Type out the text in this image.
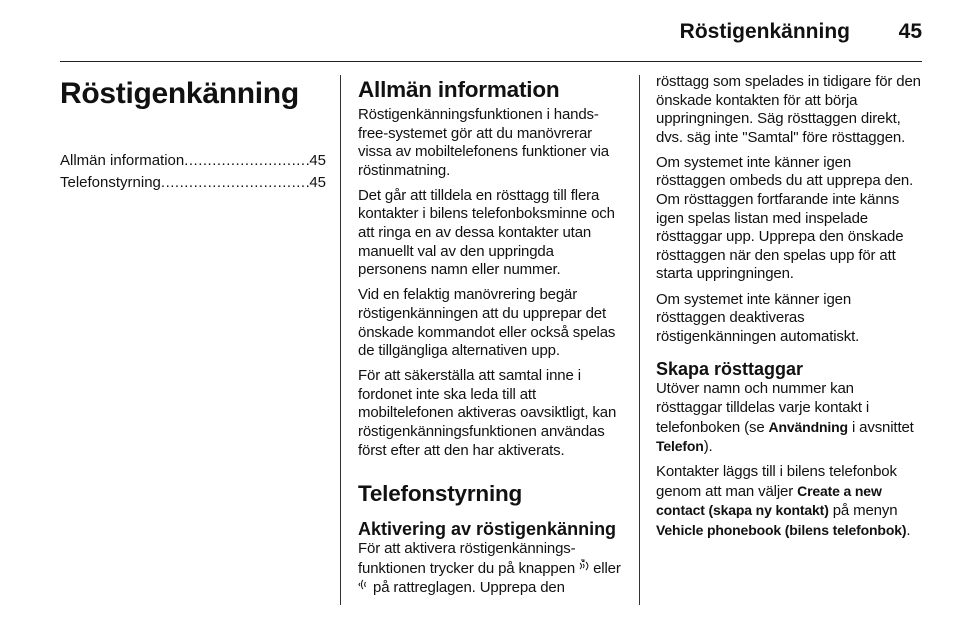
Röstigenkänning 45
Röstigenkänning
Allmän information .....	45
Telefonstyrning .....	45
Allmän information

Röstigenkänningsfunktionen i hands-free-systemet gör att du manövrerar vissa av mobiltelefonens funktioner via röstinmatning.

Det går att tilldela en rösttagg till flera kontakter i bilens telefonboksminne och att ringa en av dessa kontakter utan manuellt val av den uppringda personens namn eller nummer.

Vid en felaktig manövrering begär röstigenkänningen att du upprepar det önskade kommandot eller också spelas de tillgängliga alternativen upp.

För att säkerställa att samtal inne i fordonet inte ska leda till att mobiltelefonen aktiveras oavsiktligt, kan röstigenkänningsfunktionen användas först efter att den har aktiverats.

Telefonstyrning
Aktivering av röstigenkänning

För att aktivera röstigenkännings-funktionen trycker du på knappen eller  på rattreglagen. Upprepa den

rösttagg som spelades in tidigare för den önskade kontakten för att börja uppringningen. Säg rösttaggen direkt, dvs. säg inte "Samtal" före rösttaggen.

Om systemet inte känner igen rösttaggen ombeds du att upprepa den. Om rösttaggen fortfarande inte känns igen spelas listan med inspelade rösttaggar upp. Upprepa den önskade rösttaggen när den spelas upp för att starta uppringningen.

Om systemet inte känner igen rösttaggen deaktiveras röstigenkänningen automatiskt.

Skapa rösttaggar

Utöver namn och nummer kan rösttaggar tilldelas varje kontakt i telefonboken (se Användning i avsnittet Telefon).

Kontakter läggs till i bilens telefonbok genom att man väljer Create a new contact (skapa ny kontakt) på menyn Vehicle phonebook (bilens telefonbok).
